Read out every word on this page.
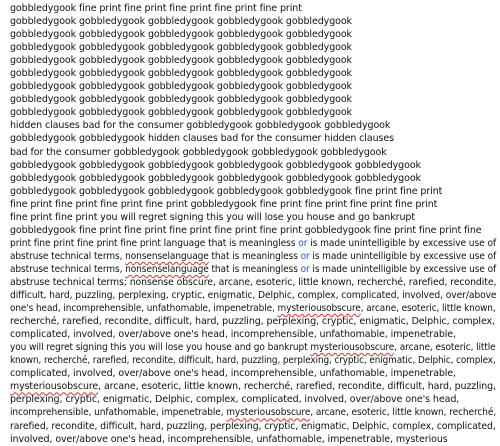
gobbledygook fine print fine print fine print fine print fine print
gobbledygook gobbledygook gobbledygook gobbledygook gobbledygook
gobbledygook gobbledygook gobbledygook gobbledygook gobbledygook
gobbledygook gobbledygook gobbledygook gobbledygook gobbledygook
gobbledygook gobbledygook gobbledygook gobbledygook gobbledygook
gobbledygook gobbledygook gobbledygook gobbledygook gobbledygook
gobbledygook gobbledygook gobbledygook gobbledygook gobbledygook
gobbledygook gobbledygook gobbledygook gobbledygook gobbledygook
gobbledygook gobbledygook gobbledygook gobbledygook gobbledygook
hidden clauses bad for the consumer gobbledygook gobbledygook gobbledygook
gobbledygook gobbledygook hidden clauses bad for the consumer hidden clauses
bad for the consumer gobbledygook gobbledygook gobbledygook gobbledygook
gobbledygook gobbledygook gobbledygook gobbledygook gobbledygook gobbledygook
gobbledygook gobbledygook gobbledygook gobbledygook gobbledygook gobbledygook
gobbledygook gobbledygook gobbledygook gobbledygook gobbledygook fine print fine print
fine print fine print fine print fine print gobbledygook fine print fine print fine print fine print
fine print fine print you will regret signing this you will lose you house and go bankrupt
gobbledygook fine print fine print fine print fine print fine print gobbledygook fine print fine print fine
print fine print fine print fine print language that is meaningless or is made unintelligible by excessive use of
abstruse technical terms, nonsenselanguage that is meaningless or is made unintelligible by excessive use of
abstruse technical terms, nonsenselanguage that is meaningless or is made unintelligible by excessive use of
abstruse technical terms; nonsense obscure, arcane, esoteric, little known, recherché, rarefied, recondite,
difficult, hard, puzzling, perplexing, cryptic, enigmatic, Delphic, complex, complicated, involved, over/above
one's head, incomprehensible, unfathomable, impenetrable, mysteriousobscure, arcane, esoteric, little known,
recherché, rarefied, recondite, difficult, hard, puzzling, perplexing, cryptic, enigmatic, Delphic, complex,
complicated, involved, over/above one's head, incomprehensible, unfathomable, impenetrable,
you will regret signing this you will lose you house and go bankrupt mysteriousobscure, arcane, esoteric, little
known, recherché, rarefied, recondite, difficult, hard, puzzling, perplexing, cryptic, enigmatic, Delphic, complex,
complicated, involved, over/above one's head, incomprehensible, unfathomable, impenetrable,
mysteriousobscure, arcane, esoteric, little known, recherché, rarefied, recondite, difficult, hard, puzzling,
perplexing, cryptic, enigmatic, Delphic, complex, complicated, involved, over/above one's head,
incomprehensible, unfathomable, impenetrable, mysteriousobscure, arcane, esoteric, little known, recherché,
rarefied, recondite, difficult, hard, puzzling, perplexing, cryptic, enigmatic, Delphic, complex, complicated,
involved, over/above one's head, incomprehensible, unfathomable, impenetrable, mysterious
